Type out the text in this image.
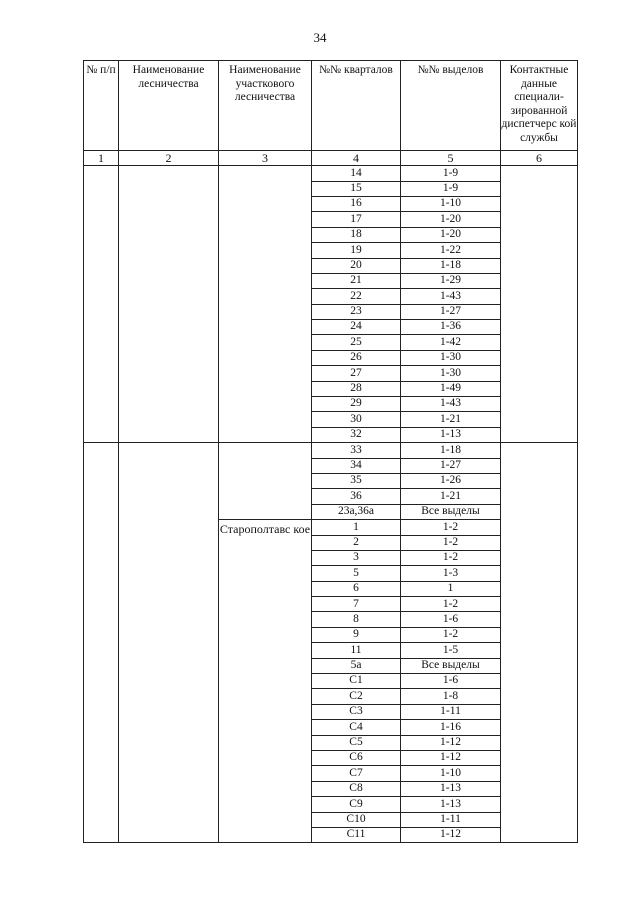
34
№ п/п	Наименование лесничества	Наименование участкового лесничества	№№ кварталов	№№ выделов	Контактные данные специали-зированной диспетчерс кой службы
1	2	3	4	5	6
			14	1-9	
			15	1-9	
			16	1-10	
			17	1-20	
			18	1-20	
			19	1-22	
			20	1-18	
			21	1-29	
			22	1-43	
			23	1-27	
			24	1-36	
			25	1-42	
			26	1-30	
			27	1-30	
			28	1-49	
			29	1-43	
			30	1-21	
			32	1-13	
			33	1-18	
			34	1-27	
			35	1-26	
			36	1-21	
			23а,36а	Все выделы	
		Старополтавс кое	1	1-2	
			2	1-2	
			3	1-2	
			5	1-3	
			6	1	
			7	1-2	
			8	1-6	
			9	1-2	
			11	1-5	
			5а	Все выделы	
			С1	1-6	
			С2	1-8	
			С3	1-11	
			С4	1-16	
			С5	1-12	
			С6	1-12	
			С7	1-10	
			С8	1-13	
			С9	1-13	
			С10	1-11	
			С11	1-12	
